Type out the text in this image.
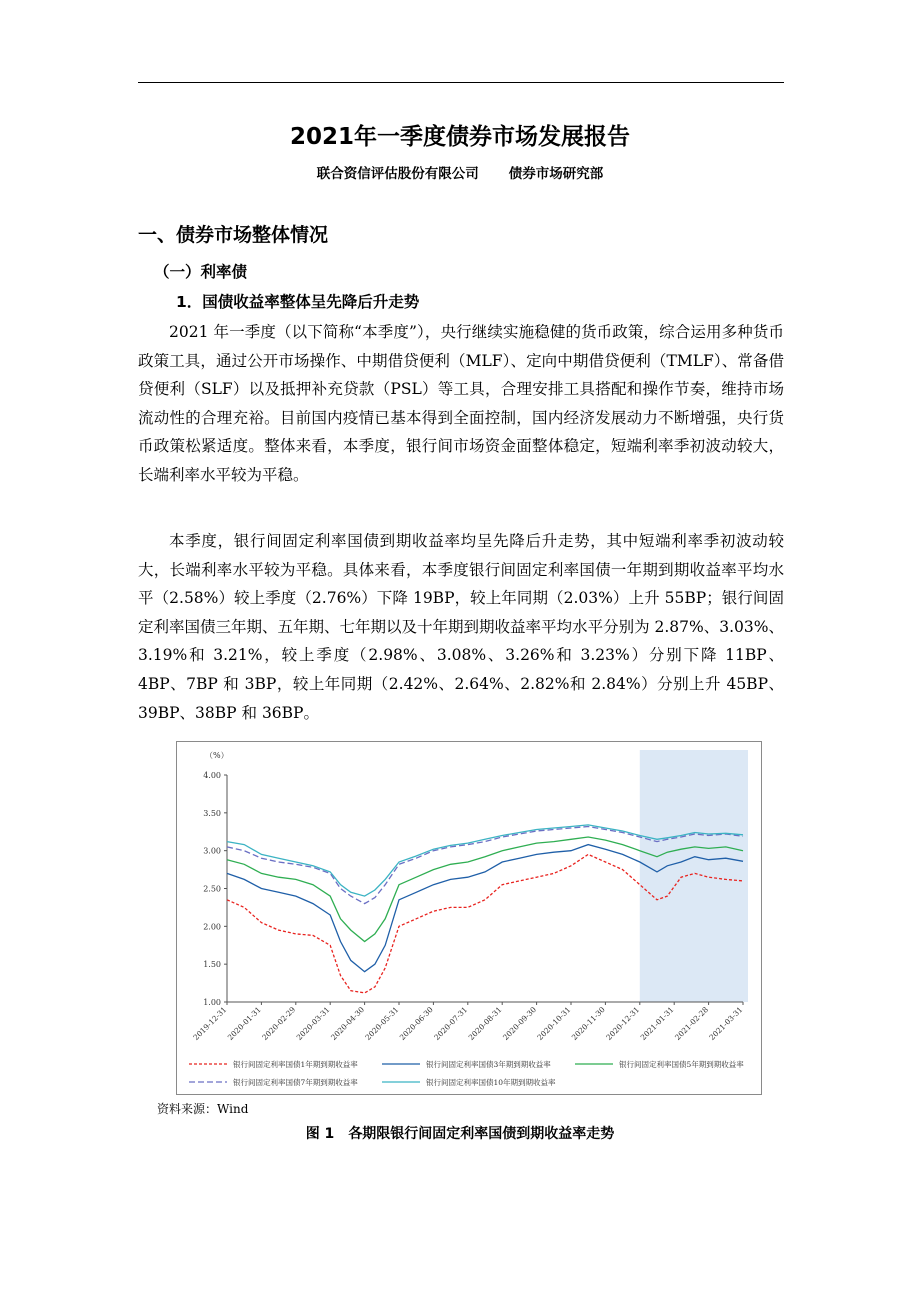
2021年一季度债券市场发展报告
联合资信评估股份有限公司 债券市场研究部
一、债券市场整体情况
（一）利率债
1．国债收益率整体呈先降后升走势

2021 年一季度（以下简称“本季度”），央行继续实施稳健的货币政策，综合运用多种货币政策工具，通过公开市场操作、中期借贷便利（MLF）、定向中期借贷便利（TMLF）、常备借贷便利（SLF）以及抵押补充贷款（PSL）等工具，合理安排工具搭配和操作节奏，维持市场流动性的合理充裕。目前国内疫情已基本得到全面控制，国内经济发展动力不断增强，央行货币政策松紧适度。整体来看，本季度，银行间市场资金面整体稳定，短端利率季初波动较大，长端利率水平较为平稳。

本季度，银行间固定利率国债到期收益率均呈先降后升走势，其中短端利率季初波动较大，长端利率水平较为平稳。具体来看，本季度银行间固定利率国债一年期到期收益率平均水平（2.58%）较上季度（2.76%）下降 19BP，较上年同期（2.03%）上升 55BP；银行间固定利率国债三年期、五年期、七年期以及十年期到期收益率平均水平分别为 2.87%、3.03%、3.19%和 3.21%，较上季度（2.98%、3.08%、3.26%和 3.23%）分别下降 11BP、4BP、7BP 和 3BP，较上年同期（2.42%、2.64%、2.82%和 2.84%）分别上升 45BP、39BP、38BP 和 36BP。

（%）
1.00
1.50
2.00
2.50
3.00
3.50
4.00
2019-12-31
2020-01-31
2020-02-29
2020-03-31
2020-04-30
2020-05-31
2020-06-30
2020-07-31
2020-08-31
2020-09-30
2020-10-31
2020-11-30
2020-12-31
2021-01-31
2021-02-28
2021-03-31
银行间固定利率国债1年期到期收益率	银行间固定利率国债3年期到期收益率	银行间固定利率国债5年期到期收益率
银行间固定利率国债7年期到期收益率	银行间固定利率国债10年期到期收益率
资料来源：Wind
图 1 各期限银行间固定利率国债到期收益率走势
